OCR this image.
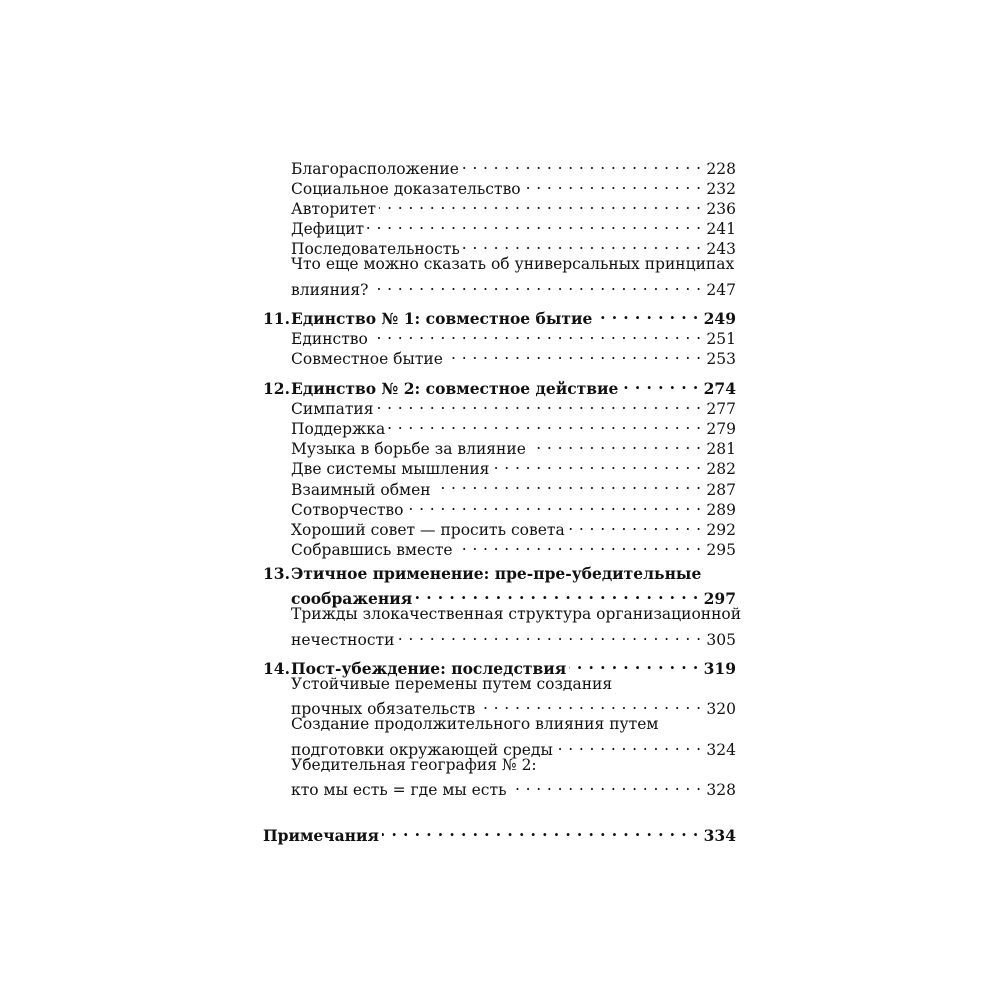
Благорасположение . . .	228
Социальное доказательство . . .	232
Авторитет . . .	236
Дефицит . . .	241
Последовательность . . .	243
Что еще можно сказать об универсальных принципах
влияния? . . .	247
11. Единство № 1: совместное бытие . . .	249
Единство . . .	251
Совместное бытие . . .	253
12. Единство № 2: совместное действие . . .	274
Симпатия . . .	277
Поддержка . . .	279
Музыка в борьбе за влияние . . .	281
Две системы мышления . . .	282
Взаимный обмен . . .	287
Сотворчество . . .	289
Хороший совет — просить совета . . .	292
Собравшись вместе . . .	295
13. Этичное применение: пре-пре-убедительные
соображения . . .	297
Трижды злокачественная структура организационной
нечестности . . .	305
14. Пост-убеждение: последствия . . .	319
Устойчивые перемены путем создания
прочных обязательств . . .	320
Создание продолжительного влияния путем
подготовки окружающей среды . . .	324
Убедительная география № 2:
кто мы есть = где мы есть . . .	328
Примечания . . .	334
